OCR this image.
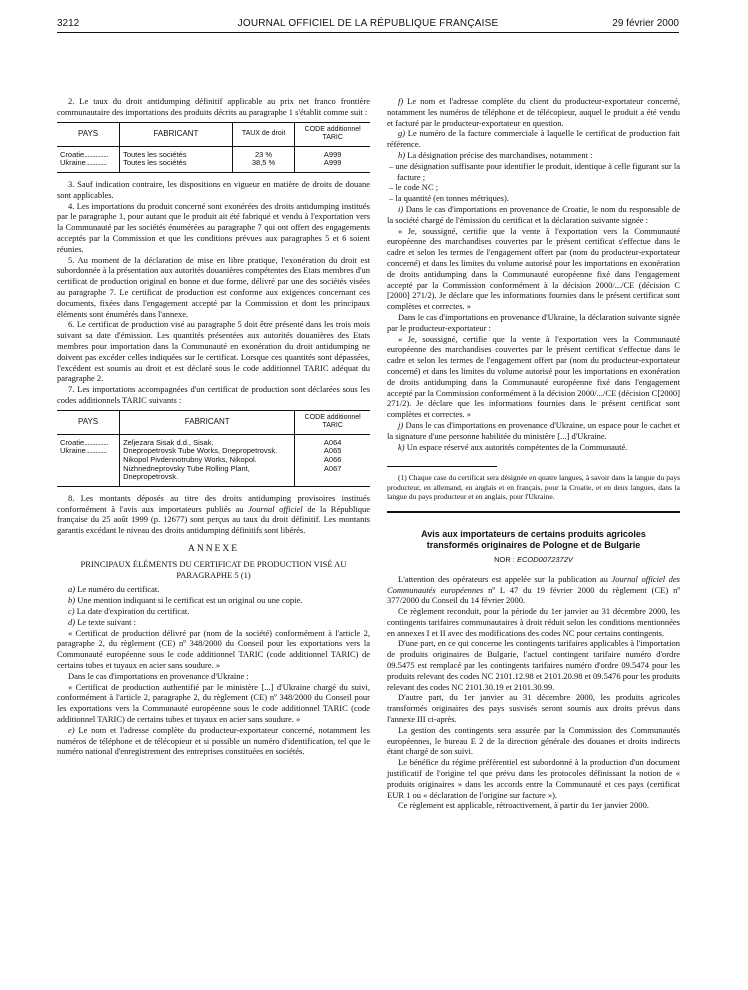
3212	JOURNAL OFFICIEL DE LA RÉPUBLIQUE FRANÇAISE	29 février 2000

2. Le taux du droit antidumping définitif applicable au prix net franco frontière communautaire des importations des produits décrits au paragraphe 1 s'établit comme suit :

PAYS	FABRICANT	TAUX de droit	CODE additionnel TARIC

Croatie...............	Toutes les sociétés	23 %	A999
Ukraine.............	Toutes les sociétés	38,5 %	A999

3. Sauf indication contraire, les dispositions en vigueur en matière de droits de douane sont applicables.

4. Les importations du produit concerné sont exonérées des droits antidumping institués par le paragraphe 1, pour autant que le produit ait été fabriqué et vendu à l'exportation vers la Communauté par les sociétés énumérées au paragraphe 7 qui ont offert des engagements acceptés par la Commission et que les conditions prévues aux paragraphes 5 et 6 soient réunies.

5. Au moment de la déclaration de mise en libre pratique, l'exonération du droit est subordonnée à la présentation aux autorités douanières compétentes des Etats membres d'un certificat de production original en bonne et due forme, délivré par une des sociétés visées au paragraphe 7. Le certificat de production est conforme aux exigences concernant ces documents, fixées dans l'engagement accepté par la Commission et dont les principaux éléments sont énumérés dans l'annexe.

6. Le certificat de production visé au paragraphe 5 doit être présenté dans les trois mois suivant sa date d'émission. Les quantités présentées aux autorités douanières des Etats membres pour importation dans la Communauté en exonération du droit antidumping ne doivent pas excéder celles indiquées sur le certificat. Lorsque ces quantités sont dépassées, l'excédent est soumis au droit et est déclaré sous le code additionnel TARIC adéquat du paragraphe 2.

7. Les importations accompagnées d'un certificat de production sont déclarées sous les codes additionnels TARIC suivants :

PAYS	FABRICANT	CODE additionnel TARIC

Croatie...............	Zeljezara Sisak d.d., Sisak.	A064
Ukraine.............	Dnepropetrovsk Tube Works, Dnepropetrovsk.	A065
	Nikopol Pivdennotrubny Works, Nikopol.	A066
	Nizhnedneprovsky Tube Rolling Plant, Dnepropetrovsk.	A067

8. Les montants déposés au titre des droits antidumping provisoires institués conformément à l'avis aux importateurs publiés au Journal officiel de la République française du 25 août 1999 (p. 12677) sont perçus au taux du droit définitif. Les montants garantis excédant le niveau des droits antidumping définitifs sont libérés.

ANNEXE
PRINCIPAUX ÉLÉMENTS DU CERTIFICAT DE PRODUCTION VISÉ AU PARAGRAPHE 5 (1)

a) Le numéro du certificat.

b) Une mention indiquant si le certificat est un original ou une copie.

c) La date d'expiration du certificat.

d) Le texte suivant :

« Certificat de production délivré par (nom de la société) conformément à l'article 2, paragraphe 2, du règlement (CE) nº 348/2000 du Conseil pour les exportations vers la Communauté européenne sous le code additionnel TARIC (code additionnel TARIC) de certains tubes et tuyaux en acier sans soudure. »

Dans le cas d'importations en provenance d'Ukraine :

« Certificat de production authentifié par le ministère [...] d'Ukraine chargé du suivi, conformément à l'article 2, paragraphe 2, du règlement (CE) nº 348/2000 du Conseil pour les exportations vers la Communauté européenne sous le code additionnel TARIC (code additionnel TARIC) de certains tubes et tuyaux en acier sans soudure. »

e) Le nom et l'adresse complète du producteur-exportateur concerné, notamment les numéros de téléphone et de télécopieur et si possible un numéro d'identification, tel que le numéro national d'enregistrement des entreprises constituées en sociétés.

f) Le nom et l'adresse complète du client du producteur-exportateur concerné, notamment les numéros de téléphone et de télécopieur, auquel le produit a été vendu et facturé par le producteur-exportateur en question.

g) Le numéro de la facture commerciale à laquelle le certificat de production fait référence.

h) La désignation précise des marchandises, notamment :

– une désignation suffisante pour identifier le produit, identique à celle figurant sur la facture ;

– le code NC ;

– la quantité (en tonnes métriques).

i) Dans le cas d'importations en provenance de Croatie, le nom du responsable de la société chargé de l'émission du certificat et la déclaration suivante signée :

« Je, soussigné, certifie que la vente à l'exportation vers la Communauté européenne des marchandises couvertes par le présent certificat s'effectue dans le cadre et selon les termes de l'engagement offert par (nom du producteur-exportateur concerné) et dans les limites du volume autorisé pour les importations en exonération de droits antidumping dans la Communauté européenne fixé dans l'engagement accepté par la Commission conformément à la décision 2000/.../CE (décision C [2000] 271/2). Je déclare que les informations fournies dans le présent certificat sont complètes et correctes. »

Dans le cas d'importations en provenance d'Ukraine, la déclaration suivante signée par le producteur-exportateur :

« Je, soussigné, certifie que la vente à l'exportation vers la Communauté européenne des marchandises couvertes par le présent certificat s'effectue dans le cadre et selon les termes de l'engagement offert par (nom du producteur-exportateur concerné) et dans les limites du volume autorisé pour les importations en exonération de droits antidumping dans la Communauté européenne fixé dans l'engagement accepté par la Commission conformément à la décision 2000/.../CE (décision C[2000] 271/2). Je déclare que les informations fournies dans le présent certificat sont complètes et correctes. »

j) Dans le cas d'importations en provenance d'Ukraine, un espace pour le cachet et la signature d'une personne habilitée du ministère [...] d'Ukraine.

k) Un espace réservé aux autorités compétentes de la Communauté.

(1) Chaque case du certificat sera désignée en quatre langues, à savoir dans la langue du pays producteur, en allemand, en anglais et en français, pour la Croatie, et en deux langues, dans la langue du pays producteur et en anglais, pour l'Ukraine.

Avis aux importateurs de certains produits agricoles transformés originaires de Pologne et de Bulgarie
NOR : ECOD0072372V

L'attention des opérateurs est appelée sur la publication au Journal officiel des Communautés européennes nº L 47 du 19 février 2000 du règlement (CE) nº 377/2000 du Conseil du 14 février 2000.

Ce règlement reconduit, pour la période du 1er janvier au 31 décembre 2000, les contingents tarifaires communautaires à droit réduit selon les conditions mentionnées en annexes I et II avec des modifications des codes NC pour certains contingents.

D'une part, en ce qui concerne les contingents tarifaires applicables à l'importation de produits originaires de Bulgarie, l'actuel contingent tarifaire numéro d'ordre 09.5475 est remplacé par les contingents tarifaires numéro d'ordre 09.5474 pour les produits relevant des codes NC 2101.12.98 et 2101.20.98 et 09.5476 pour les produits relevant des codes NC 2101.30.19 et 2101.30.99.

D'autre part, du 1er janvier au 31 décembre 2000, les produits agricoles transformés originaires des pays susvisés seront soumis aux droits prévus dans l'annexe III ci-après.

La gestion des contingents sera assurée par la Commission des Communautés européennes, le bureau E 2 de la direction générale des douanes et droits indirects étant chargé de son suivi.

Le bénéfice du régime préférentiel est subordonné à la production d'un document justificatif de l'origine tel que prévu dans les protocoles définissant la notion de « produits originaires » dans les accords entre la Communauté et ces pays (certificat EUR 1 ou « déclaration de l'origine sur facture »).

Ce règlement est applicable, rétroactivement, à partir du 1er janvier 2000.
